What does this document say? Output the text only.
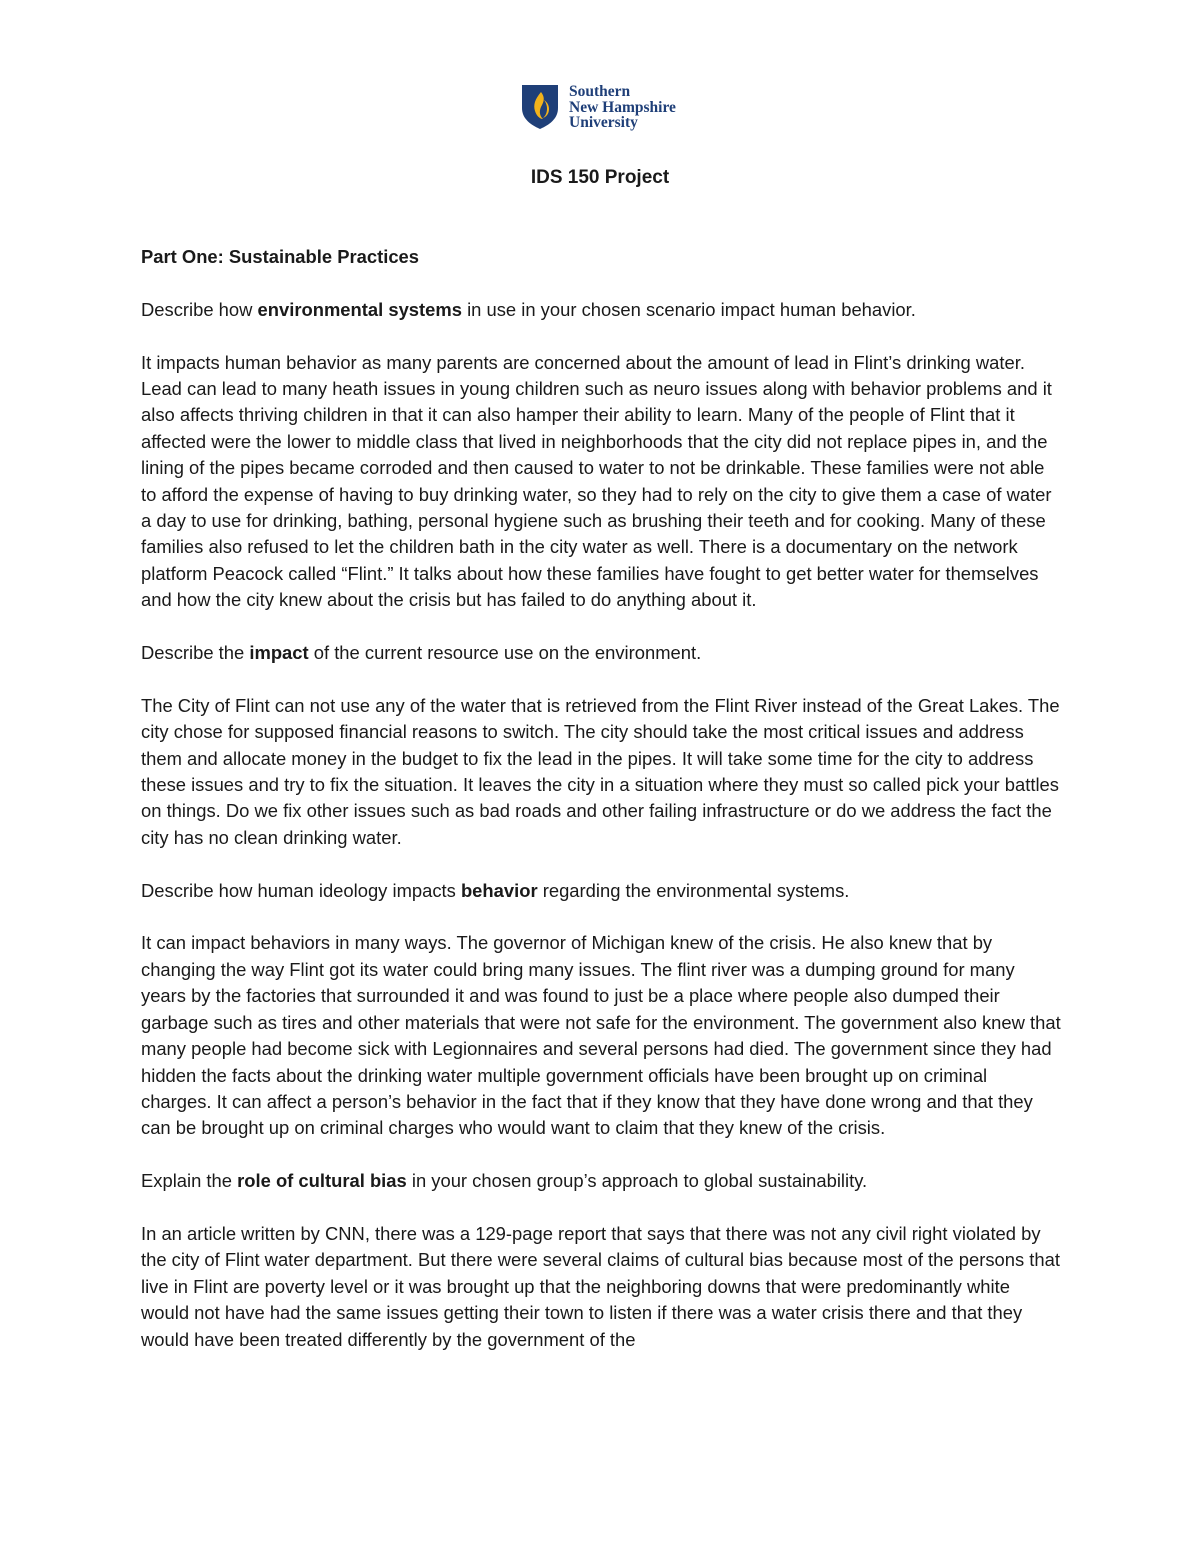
Southern
New Hampshire
University
IDS 150 Project

Part One: Sustainable Practices

Describe how environmental systems in use in your chosen scenario impact human behavior.

It impacts human behavior as many parents are concerned about the amount of lead in Flint’s drinking water. Lead can lead to many heath issues in young children such as neuro issues along with behavior problems and it also affects thriving children in that it can also hamper their ability to learn. Many of the people of Flint that it affected were the lower to middle class that lived in neighborhoods that the city did not replace pipes in, and the lining of the pipes became corroded and then caused to water to not be drinkable. These families were not able to afford the expense of having to buy drinking water, so they had to rely on the city to give them a case of water a day to use for drinking, bathing, personal hygiene such as brushing their teeth and for cooking. Many of these families also refused to let the children bath in the city water as well. There is a documentary on the network platform Peacock called “Flint.” It talks about how these families have fought to get better water for themselves and how the city knew about the crisis but has failed to do anything about it.

Describe the impact of the current resource use on the environment.

The City of Flint can not use any of the water that is retrieved from the Flint River instead of the Great Lakes. The city chose for supposed financial reasons to switch. The city should take the most critical issues and address them and allocate money in the budget to fix the lead in the pipes. It will take some time for the city to address these issues and try to fix the situation. It leaves the city in a situation where they must so called pick your battles on things. Do we fix other issues such as bad roads and other failing infrastructure or do we address the fact the city has no clean drinking water.

Describe how human ideology impacts behavior regarding the environmental systems.

It can impact behaviors in many ways. The governor of Michigan knew of the crisis. He also knew that by changing the way Flint got its water could bring many issues. The flint river was a dumping ground for many years by the factories that surrounded it and was found to just be a place where people also dumped their garbage such as tires and other materials that were not safe for the environment. The government also knew that many people had become sick with Legionnaires and several persons had died. The government since they had hidden the facts about the drinking water multiple government officials have been brought up on criminal charges. It can affect a person’s behavior in the fact that if they know that they have done wrong and that they can be brought up on criminal charges who would want to claim that they knew of the crisis.

Explain the role of cultural bias in your chosen group’s approach to global sustainability.

In an article written by CNN, there was a 129-page report that says that there was not any civil right violated by the city of Flint water department. But there were several claims of cultural bias because most of the persons that live in Flint are poverty level or it was brought up that the neighboring downs that were predominantly white would not have had the same issues getting their town to listen if there was a water crisis there and that they would have been treated differently by the government of the
